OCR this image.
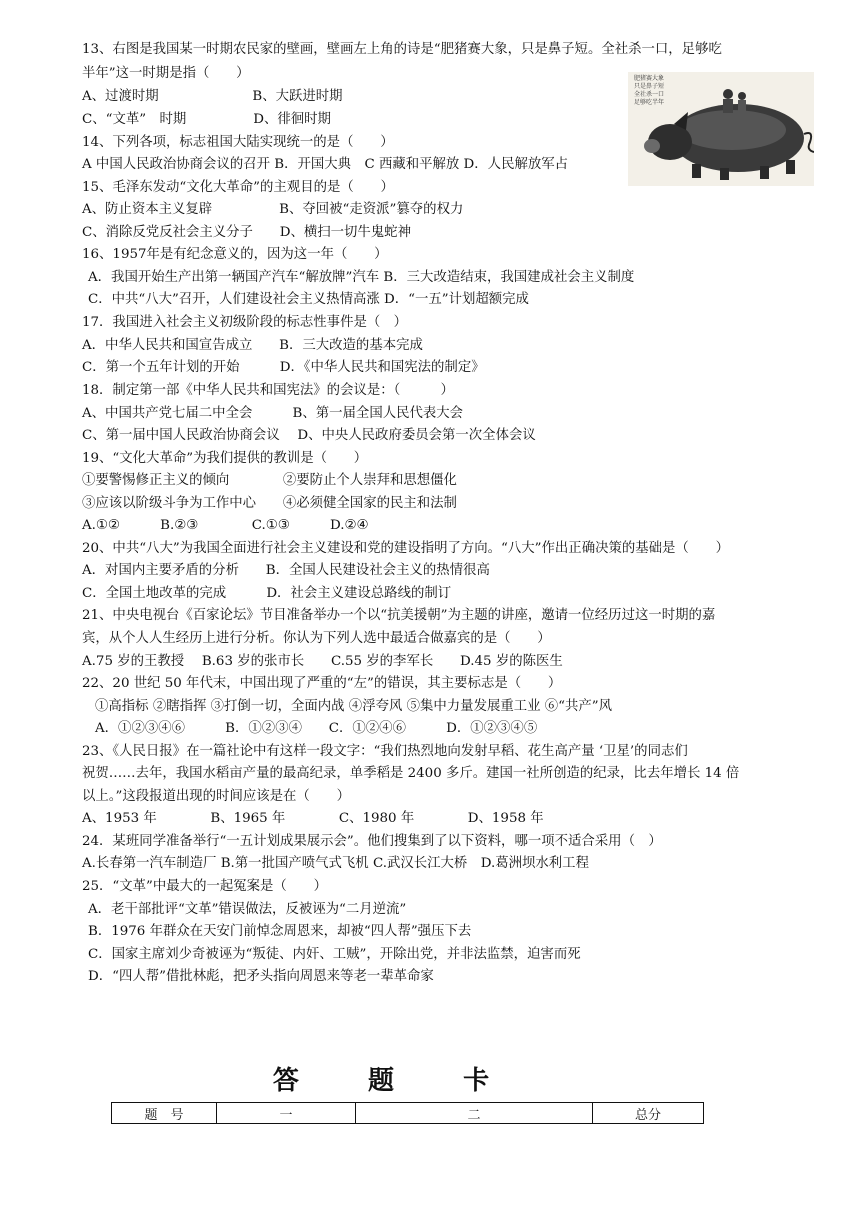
13、右图是我国某一时期农民家的壁画，壁画左上角的诗是“肥猪赛大象，只是鼻子短。全社杀一口，足够吃
半年”这一时期是指（　　）
A、过渡时期　　　　　　　B、大跃进时期
C、“文革”　时期　　　　　D、徘徊时期
14、下列各项，标志祖国大陆实现统一的是（　　）
A 中国人民政治协商会议的召开 B．开国大典　C 西藏和平解放 D．人民解放军占
15、毛泽东发动“文化大革命”的主观目的是（　　）
A、防止资本主义复辟　　　　　B、夺回被“走资派”篡夺的权力
C、消除反党反社会主义分子　　D、横扫一切牛鬼蛇神
16、1957年是有纪念意义的，因为这一年（　　）
A．我国开始生产出第一辆国产汽车“解放牌”汽车 B．三大改造结束，我国建成社会主义制度
C．中共“八大”召开，人们建设社会主义热情高涨 D．“一五”计划超额完成
17．我国进入社会主义初级阶段的标志性事件是（　）
A．中华人民共和国宣告成立　　B．三大改造的基本完成
C．第一个五年计划的开始　　　D．《中华人民共和国宪法的制定》
18．制定第一部《中华人民共和国宪法》的会议是：（　　　）
A、中国共产党七届二中全会　　　B、第一届全国人民代表大会
C、第一届中国人民政治协商会议　 D、中央人民政府委员会第一次全体会议
19、“文化大革命”为我们提供的教训是（　　）
①要警惕修正主义的倾向　　　　②要防止个人崇拜和思想僵化
③应该以阶级斗争为工作中心　　④必须健全国家的民主和法制
A.①②　　　B.②③　　　　C.①③　　　D.②④
20、中共“八大”为我国全面进行社会主义建设和党的建设指明了方向。“八大”作出正确决策的基础是（　　）
A．对国内主要矛盾的分析　　B．全国人民建设社会主义的热情很高
C．全国土地改革的完成　　　D．社会主义建设总路线的制订
21、中央电视台《百家论坛》节目准备举办一个以“抗美援朝”为主题的讲座，邀请一位经历过这一时期的嘉
宾，从个人人生经历上进行分析。你认为下列人选中最适合做嘉宾的是（　　）
A.75 岁的王教授　 B.63 岁的张市长　　C.55 岁的李军长　　D.45 岁的陈医生
22、20 世纪 50 年代末，中国出现了严重的“左”的错误，其主要标志是（　　）
①高指标 ②瞎指挥 ③打倒一切，全面内战 ④浮夸风 ⑤集中力量发展重工业 ⑥“共产”风
A．①②③④⑥　　　B．①②③④　　C．①②④⑥　　　D．①②③④⑤
23、《人民日报》在一篇社论中有这样一段文字：“我们热烈地向发射早稻、花生高产量 ‘卫星’的同志们
祝贺……去年，我国水稻亩产量的最高纪录，单季稻是 2400 多斤。建国一社所创造的纪录，比去年增长 14 倍
以上。”这段报道出现的时间应该是在（　　）
A、1953 年　　　　B、1965 年　　　　C、1980 年　　　　D、1958 年
24．某班同学准备举行“一五计划成果展示会”。他们搜集到了以下资料，哪一项不适合采用（　）
A.长春第一汽车制造厂 B.第一批国产喷气式飞机 C.武汉长江大桥　D.葛洲坝水利工程
25．“文革”中最大的一起冤案是（　　）
A．老干部批评“文革”错误做法，反被诬为“二月逆流”
B．1976 年群众在天安门前悼念周恩来，却被“四人帮”强压下去
C．国家主席刘少奇被诬为“叛徒、内奸、工贼”，开除出党，并非法监禁，迫害而死
D．“四人帮”借批林彪，把矛头指向周恩来等老一辈革命家
肥猪赛大象
只是鼻子短
全社杀一口
足够吃半年
答	题	卡
题　号	一	二	总分
